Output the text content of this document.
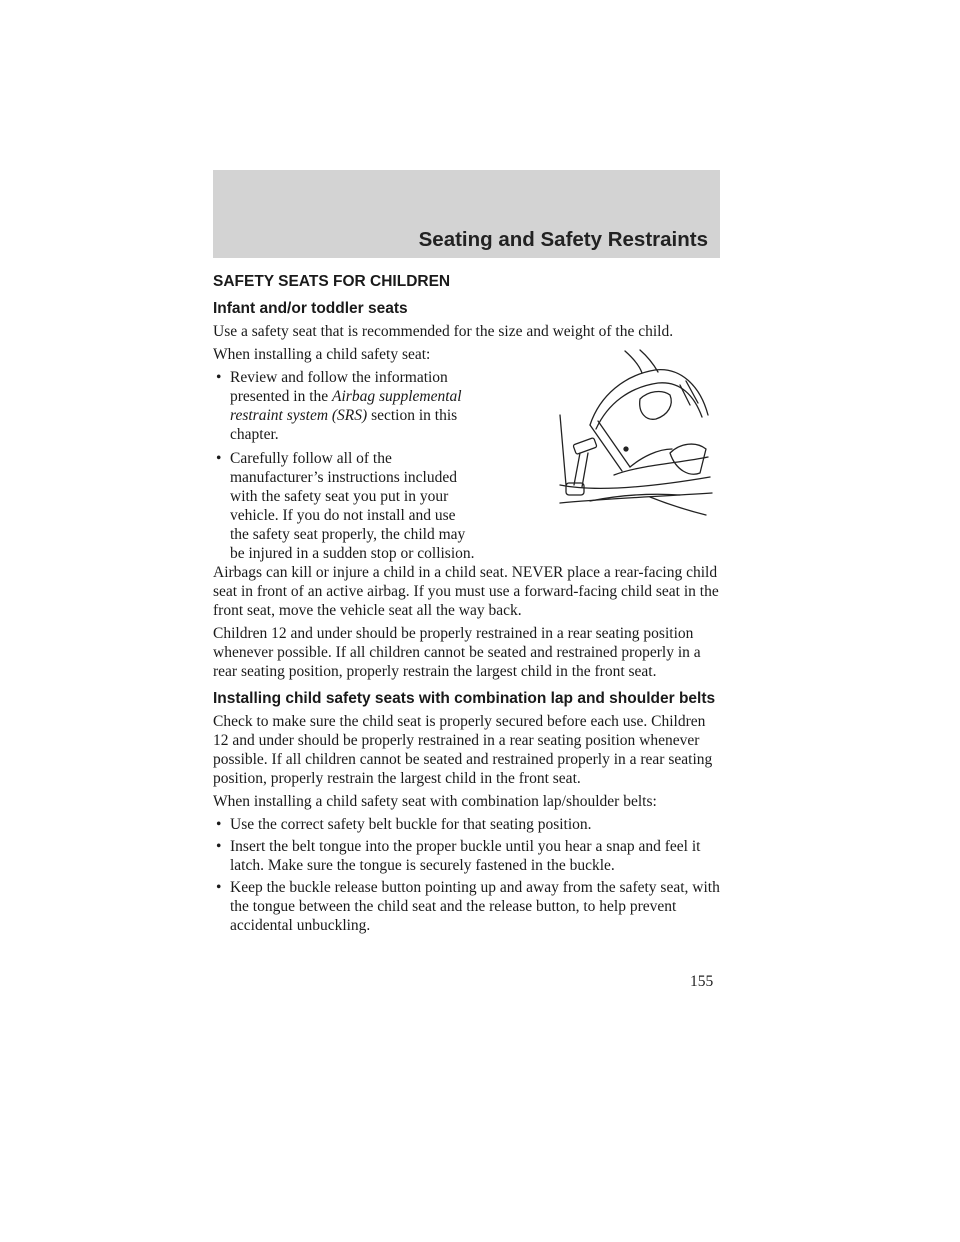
Seating and Safety Restraints
SAFETY SEATS FOR CHILDREN
Infant and/or toddler seats

Use a safety seat that is recommended for the size and weight of the child.

When installing a child safety seat:

• Review and follow the information presented in the Airbag supplemental restraint system (SRS) section in this chapter.
• Carefully follow all of the manufacturer’s instructions included with the safety seat you put in your vehicle. If you do not install and use the safety seat properly, the child may be injured in a sudden stop or collision.

Airbags can kill or injure a child in a child seat. NEVER place a rear-facing child seat in front of an active airbag. If you must use a forward-facing child seat in the front seat, move the vehicle seat all the way back.

Children 12 and under should be properly restrained in a rear seating position whenever possible. If all children cannot be seated and restrained properly in a rear seating position, properly restrain the largest child in the front seat.

Installing child safety seats with combination lap and shoulder belts

Check to make sure the child seat is properly secured before each use. Children 12 and under should be properly restrained in a rear seating position whenever possible. If all children cannot be seated and restrained properly in a rear seating position, properly restrain the largest child in the front seat.

When installing a child safety seat with combination lap/shoulder belts:

• Use the correct safety belt buckle for that seating position.
• Insert the belt tongue into the proper buckle until you hear a snap and feel it latch. Make sure the tongue is securely fastened in the buckle.
• Keep the buckle release button pointing up and away from the safety seat, with the tongue between the child seat and the release button, to help prevent accidental unbuckling.
155
